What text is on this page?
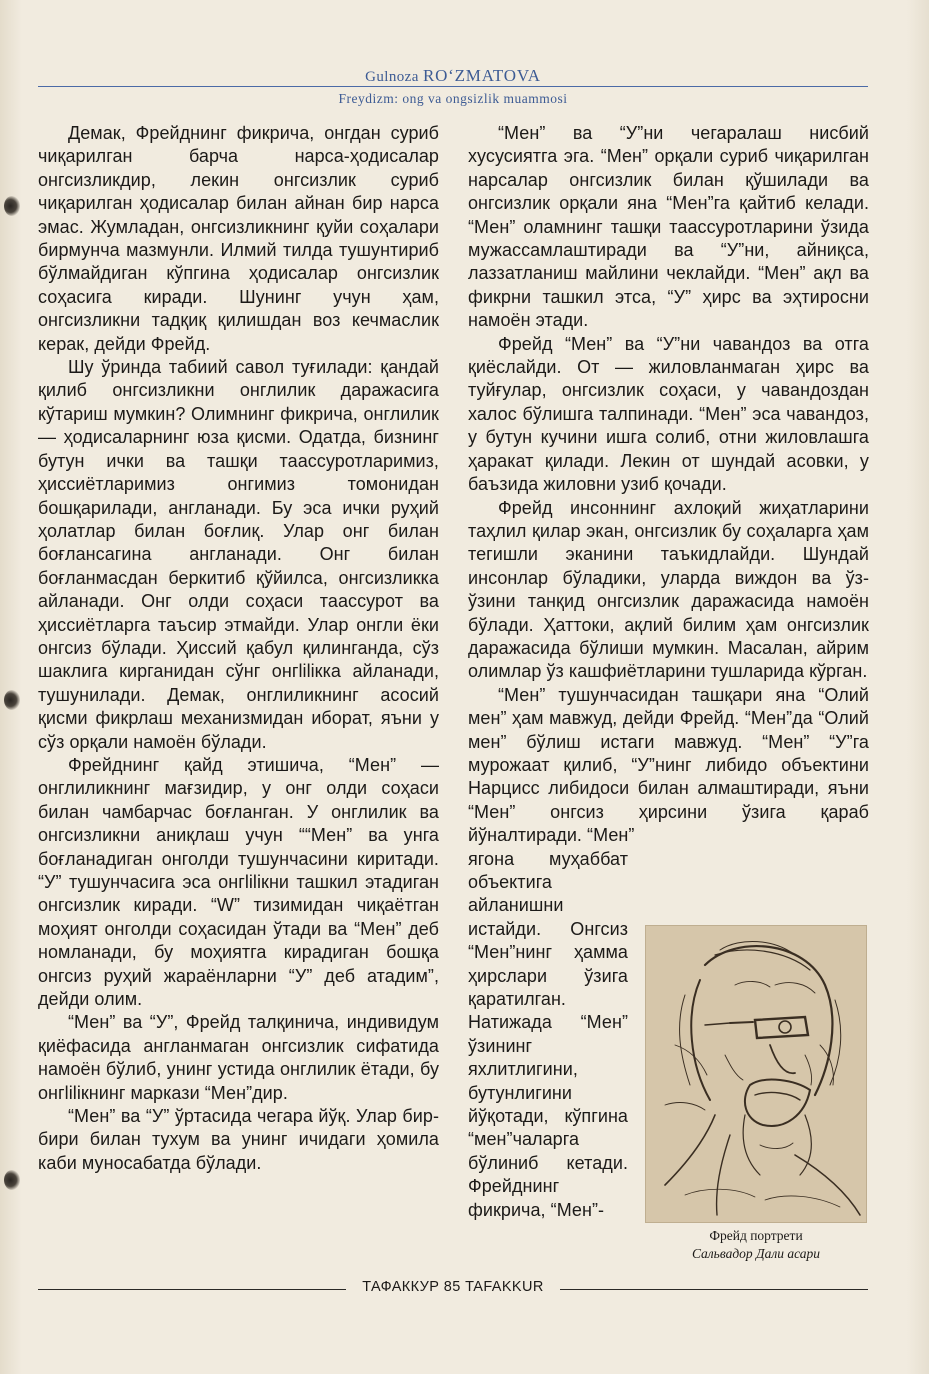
Gulnoza RO‘ZMATOVA
Freydizm: ong va ongsizlik muammosi

Демак, Фрейднинг фикрича, онгдан суриб чиқарилган барча нарса-ҳодисалар онгсизликдир, лекин онгсизлик суриб чиқарилган ҳодисалар билан айнан бир нарса эмас. Жумладан, онгсизликнинг қуйи соҳалари бирмунча мазмунли. Илмий тилда тушунтириб бўлмайдиган кўпгина ҳодисалар онгсизлик соҳасига киради. Шунинг учун ҳам, онгсизликни тадқиқ қилишдан воз кечмаслик керак, дейди Фрейд.

Шу ўринда табиий савол туғилади: қандай қилиб онгсизликни онглилик даражасига кўтариш мумкин? Олимнинг фикрича, онглилик — ҳодисаларнинг юза қисми. Одатда, бизнинг бутун ички ва ташқи таассуротларимиз, ҳиссиётларимиз онгимиз томонидан бошқарилади, англанади. Бу эса ички руҳий ҳолатлар билан боғлиқ. Улар онг билан боғлансагина англанади. Онг билан боғланмасдан беркитиб қўйилса, онгсизликка айланади. Онг олди соҳаси таассурот ва ҳиссиётларга таъсир этмайди. Улар онгли ёки онгсиз бўлади. Ҳиссий қабул қилинганда, сўз шаклига кирганидан сўнг онгliliкка айланади, тушунилади. Демак, онглиликнинг асосий қисми фикрлаш механизмидан иборат, яъни у сўз орқали намоён бўлади.

Фрейднинг қайд этишича, “Мен” — онглиликнинг мағзидир, у онг олди соҳаси билан чамбарчас боғланган. У онглилик ва онгсизликни аниқлаш учун ““Мен” ва унга боғланадиган онголди тушунчасини киритади. “У” тушунчасига эса онгliliкни ташкил этадиган онгсизлик киради. “W” тизимидан чиқаётган моҳият онголди соҳасидан ўтади ва “Мен” деб номланади, бу моҳиятга кирадиган бошқа онгсиз руҳий жараёнларни “У” деб атадим”, дейди олим.

“Мен” ва “У”, Фрейд талқинича, индивидум қиёфасида англанмаган онгсизлик сифатида намоён бўлиб, унинг устида онглилик ётади, бу онгliliкнинг маркази “Мен”дир.

“Мен” ва “У” ўртасида чегара йўқ. Улар бир-бири билан тухум ва унинг ичидаги ҳомила каби муносабатда бўлади.

“Мен” ва “У”ни чегаралаш нисбий хусусиятга эга. “Мен” орқали суриб чиқарилган нарсалар онгсизлик билан қўшилади ва онгсизлик орқали яна “Мен”га қайтиб келади. “Мен” оламнинг ташқи таассуротларини ўзида мужассамлаштиради ва “У”ни, айниқса, лаззатланиш майлини чеклайди. “Мен” ақл ва фикрни ташкил этса, “У” ҳирс ва эҳтиросни намоён этади.

Фрейд “Мен” ва “У”ни чавандоз ва отга қиёслайди. От — жиловланмаган ҳирс ва туйғулар, онгсизлик соҳаси, у чавандоздан халос бўлишга талпинади. “Мен” эса чавандоз, у бутун кучини ишга солиб, отни жиловлашга ҳаракат қилади. Лекин от шундай асовки, у баъзида жиловни узиб қочади.

Фрейд инсоннинг ахлоқий жиҳатларини таҳлил қилар экан, онгсизлик бу соҳаларга ҳам тегишли эканини таъкидлайди. Шундай инсонлар бўладики, уларда виждон ва ўз-ўзини танқид онгсизлик даражасида намоён бўлади. Ҳаттоки, ақлий билим ҳам онгсизлик даражасида бўлиши мумкин. Масалан, айрим олимлар ўз кашфиётларини тушларида кўрган.

“Мен” тушунчасидан ташқари яна “Олий мен” ҳам мавжуд, дейди Фрейд. “Мен”да “Олий мен” бўлиш истаги мавжуд. “Мен” “У”га мурожаат қилиб, “У”нинг либидо объектини Нарцисс либидоси билан алмаштиради, яъни “Мен” онгсиз ҳирсини ўзига қараб йўналтиради. “Мен”

ягона муҳаббат объектига айланишни истайди. Онгсиз “Мен”нинг ҳамма ҳирслари ўзига қаратилган. Натижада “Мен” ўзининг яхлитлигини, бутунлигини йўқотади, кўпгина “мен”чаларга бўлиниб кетади. Фрейднинг фикрича, “Мен”-

Фрейд портрети
Сальвадор Дали асари
ТАФАККУР 85 TAFAKKUR
